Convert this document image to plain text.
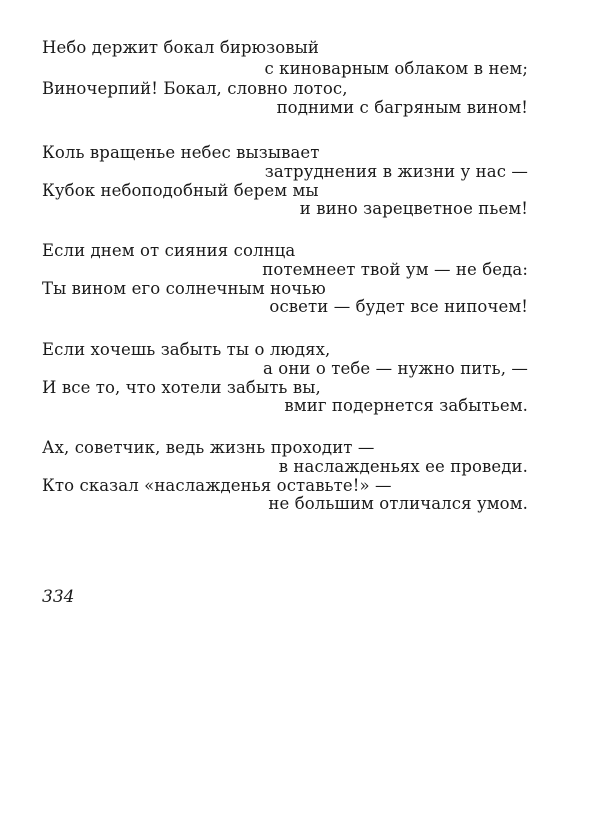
Небо держит бокал бирюзовый
с киноварным облаком в нем;
Виночерпий! Бокал, словно лотос,
подними с багряным вином!
Коль вращенье небес вызывает
затруднения в жизни у нас —
Кубок небоподобный берем мы
и вино зарецветное пьем!
Если днем от сияния солнца
потемнеет твой ум — не беда:
Ты вином его солнечным ночью
освети — будет все нипочем!
Если хочешь забыть ты о людях,
а они о тебе — нужно пить, —
И все то, что хотели забыть вы,
вмиг подернется забытьем.
Ах, советчик, ведь жизнь проходит —
в наслажденьях ее проведи.
Кто сказал «наслажденья оставьте!» —
не большим отличался умом.
334
